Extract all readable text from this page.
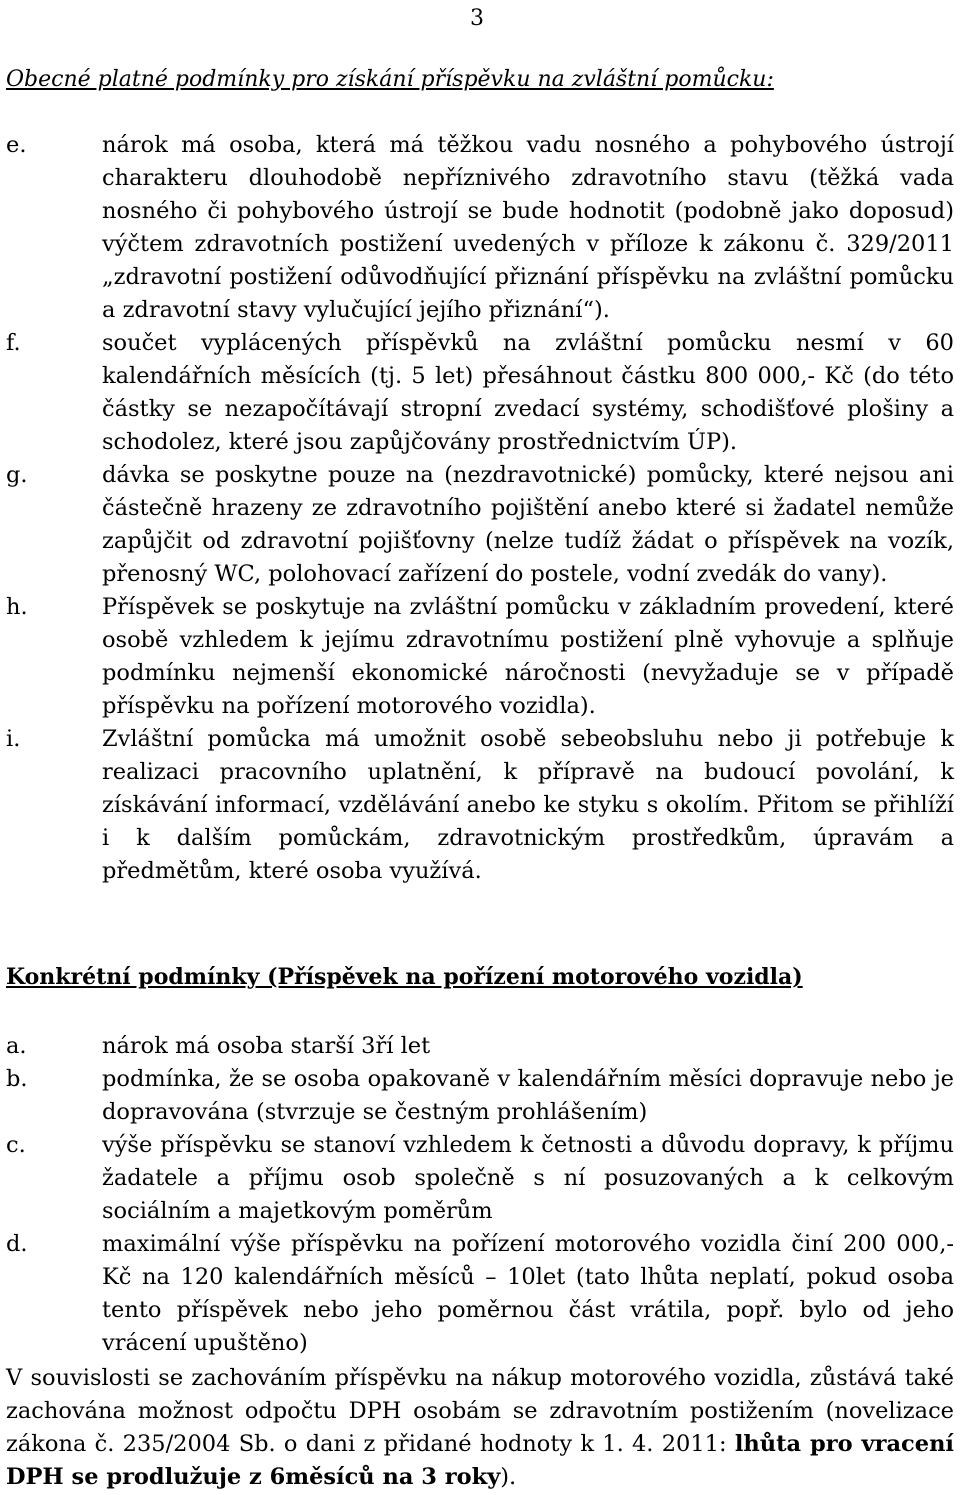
3
Obecné platné podmínky pro získání příspěvku na zvláštní pomůcku:
e.	nárok má osoba, která má těžkou vadu nosného a pohybového ústrojí charakteru dlouhodobě nepříznivého zdravotního stavu (těžká vada nosného či pohybového ústrojí se bude hodnotit (podobně jako doposud) výčtem zdravotních postižení uvedených v příloze k zákonu č. 329/2011 „zdravotní postižení odůvodňující přiznání příspěvku na zvláštní pomůcku a zdravotní stavy vylučující jejího přiznání“).
f.	součet vyplácených příspěvků na zvláštní pomůcku nesmí v 60 kalendářních měsících (tj. 5 let) přesáhnout částku 800 000,- Kč (do této částky se nezapočítávají stropní zvedací systémy, schodišťové plošiny a schodolez, které jsou zapůjčovány prostřednictvím ÚP).
g.	dávka se poskytne pouze na (nezdravotnické) pomůcky, které nejsou ani částečně hrazeny ze zdravotního pojištění anebo které si žadatel nemůže zapůjčit od zdravotní pojišťovny (nelze tudíž žádat o příspěvek na vozík, přenosný WC, polohovací zařízení do postele, vodní zvedák do vany).
h.	Příspěvek se poskytuje na zvláštní pomůcku v základním provedení, které osobě vzhledem k jejímu zdravotnímu postižení plně vyhovuje a splňuje podmínku nejmenší ekonomické náročnosti (nevyžaduje se v případě příspěvku na pořízení motorového vozidla).
i.	Zvláštní pomůcka má umožnit osobě sebeobsluhu nebo ji potřebuje k realizaci pracovního uplatnění, k přípravě na budoucí povolání, k získávání informací, vzdělávání anebo ke styku s okolím. Přitom se přihlíží i k dalším pomůckám, zdravotnickým prostředkům, úpravám a předmětům, které osoba využívá.
Konkrétní podmínky (Příspěvek na pořízení motorového vozidla)
a.	nárok má osoba starší 3ří let
b.	podmínka, že se osoba opakovaně v kalendářním měsíci dopravuje nebo je dopravována (stvrzuje se čestným prohlášením)
c.	výše příspěvku se stanoví vzhledem k četnosti a důvodu dopravy, k příjmu žadatele a příjmu osob společně s ní posuzovaných a k celkovým sociálním a majetkovým poměrům
d.	maximální výše příspěvku na pořízení motorového vozidla činí 200 000,-Kč na 120 kalendářních měsíců – 10let (tato lhůta neplatí, pokud osoba tento příspěvek nebo jeho poměrnou část vrátila, popř. bylo od jeho vrácení upuštěno)
V souvislosti se zachováním příspěvku na nákup motorového vozidla, zůstává také zachována možnost odpočtu DPH osobám se zdravotním postižením (novelizace zákona č. 235/2004 Sb. o dani z přidané hodnoty k 1. 4. 2011: lhůta pro vracení DPH se prodlužuje z 6měsíců na 3 roky).
